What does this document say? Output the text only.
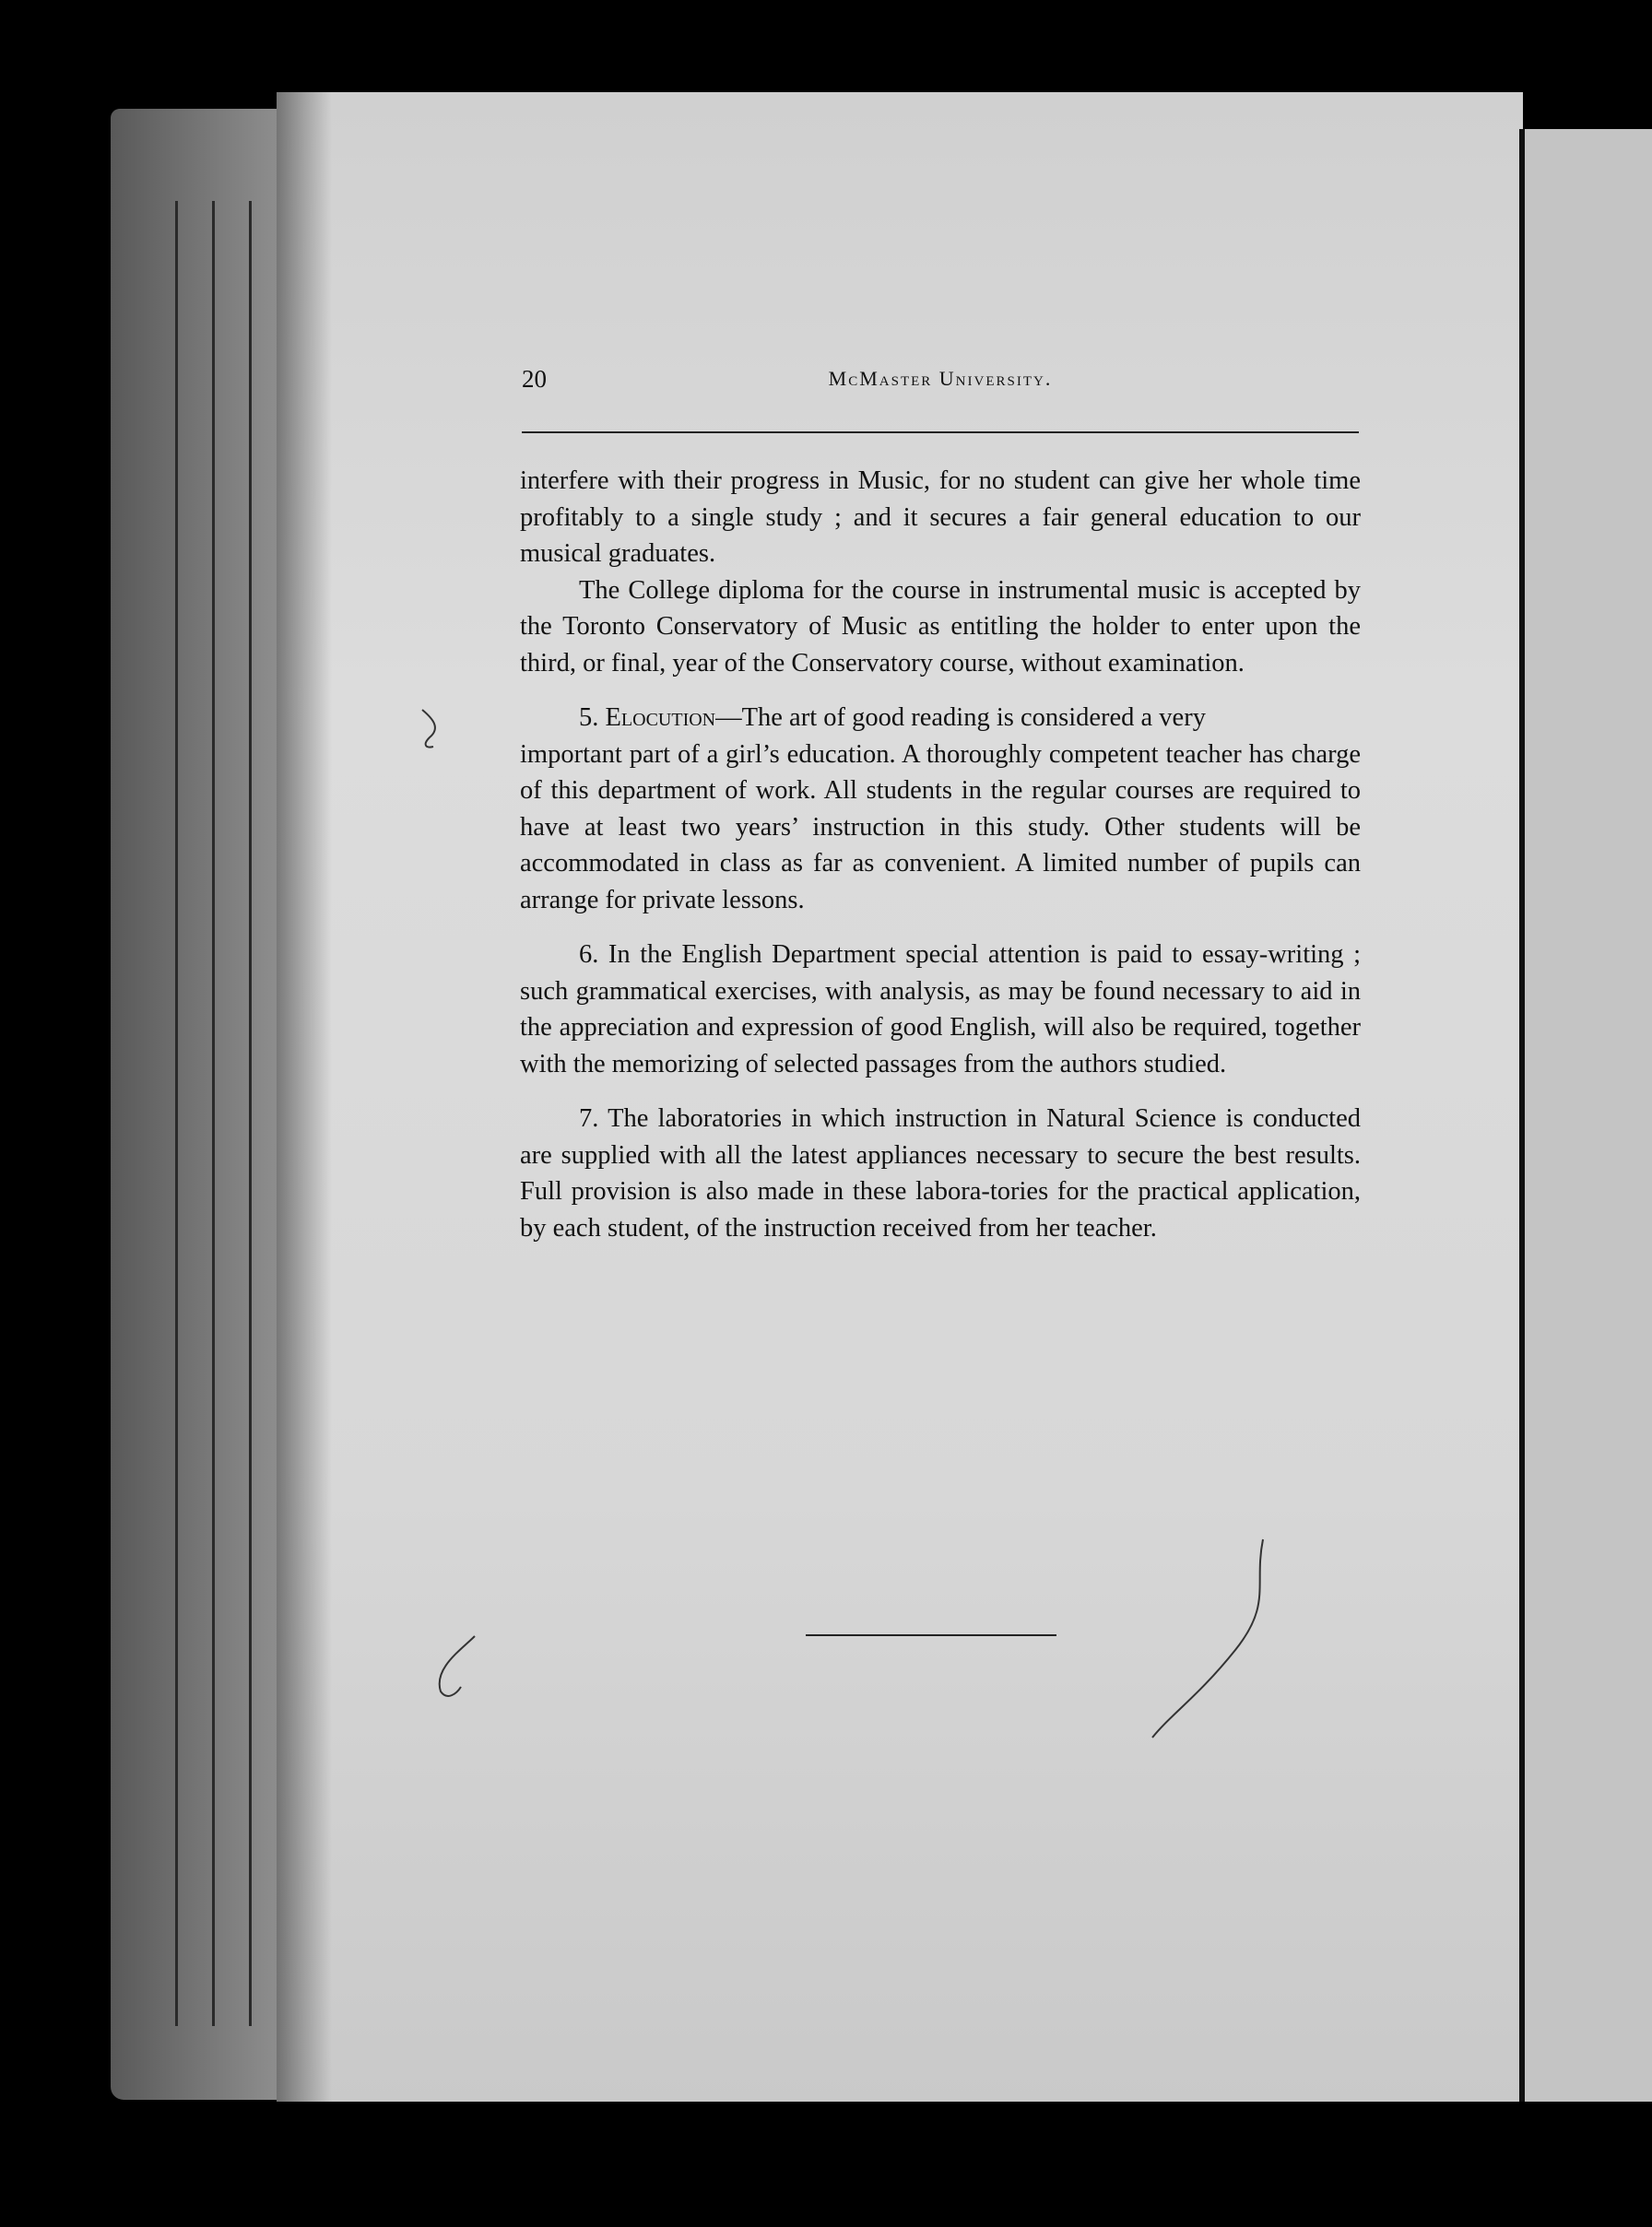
20	McMaster University.

interfere with their progress in Music, for no student can give her whole time profitably to a single study ; and it secures a fair general education to our musical graduates.

The College diploma for the course in instrumental music is accepted by the Toronto Conservatory of Music as entitling the holder to enter upon the third, or final, year of the Conservatory course, without examination.

5. Elocution—The art of good reading is considered a very

important part of a girl’s education. A thoroughly competent teacher has charge of this department of work. All students in the regular courses are required to have at least two years’ instruction in this study. Other students will be accommodated in class as far as convenient. A limited number of pupils can arrange for private lessons.

6. In the English Department special attention is paid to essay-writing ; such grammatical exercises, with analysis, as may be found necessary to aid in the appreciation and expression of good English, will also be required, together with the memorizing of selected passages from the authors studied.

7. The laboratories in which instruction in Natural Science is conducted are supplied with all the latest appliances necessary to secure the best results. Full provision is also made in these labora-tories for the practical application, by each student, of the instruction received from her teacher.
